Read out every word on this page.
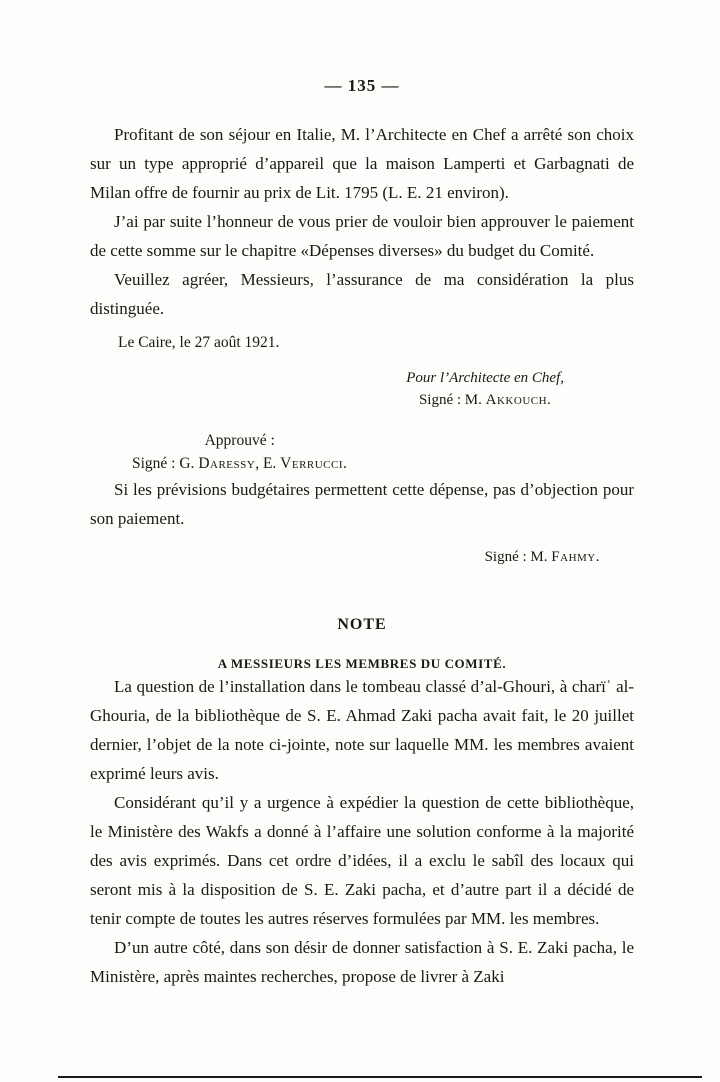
— 135 —

Profitant de son séjour en Italie, M. l’Architecte en Chef a arrêté son choix sur un type approprié d’appareil que la maison Lamperti et Garbagnati de Milan offre de fournir au prix de Lit. 1795 (L. E. 21 environ).

J’ai par suite l’honneur de vous prier de vouloir bien approuver le paiement de cette somme sur le chapitre «Dépenses diverses» du budget du Comité.

Veuillez agréer, Messieurs, l’assurance de ma considération la plus distinguée.

Le Caire, le 27 août 1921.
Pour l’Architecte en Chef,
Signé : M. Akkouch.
Approuvé :
Signé : G. Daressy, E. Verrucci.

Si les prévisions budgétaires permettent cette dépense, pas d’objection pour son paiement.

Signé : M. Fahmy.
NOTE
A MESSIEURS LES MEMBRES DU COMITÉ.

La question de l’installation dans le tombeau classé d’al-Ghouri, à charïʿ al-Ghouria, de la bibliothèque de S. E. Ahmad Zaki pacha avait fait, le 20 juillet dernier, l’objet de la note ci-jointe, note sur laquelle MM. les membres avaient exprimé leurs avis.

Considérant qu’il y a urgence à expédier la question de cette bibliothèque, le Ministère des Wakfs a donné à l’affaire une solution conforme à la majorité des avis exprimés. Dans cet ordre d’idées, il a exclu le sabîl des locaux qui seront mis à la disposition de S. E. Zaki pacha, et d’autre part il a décidé de tenir compte de toutes les autres réserves formulées par MM. les membres.

D’un autre côté, dans son désir de donner satisfaction à S. E. Zaki pacha, le Ministère, après maintes recherches, propose de livrer à Zaki
